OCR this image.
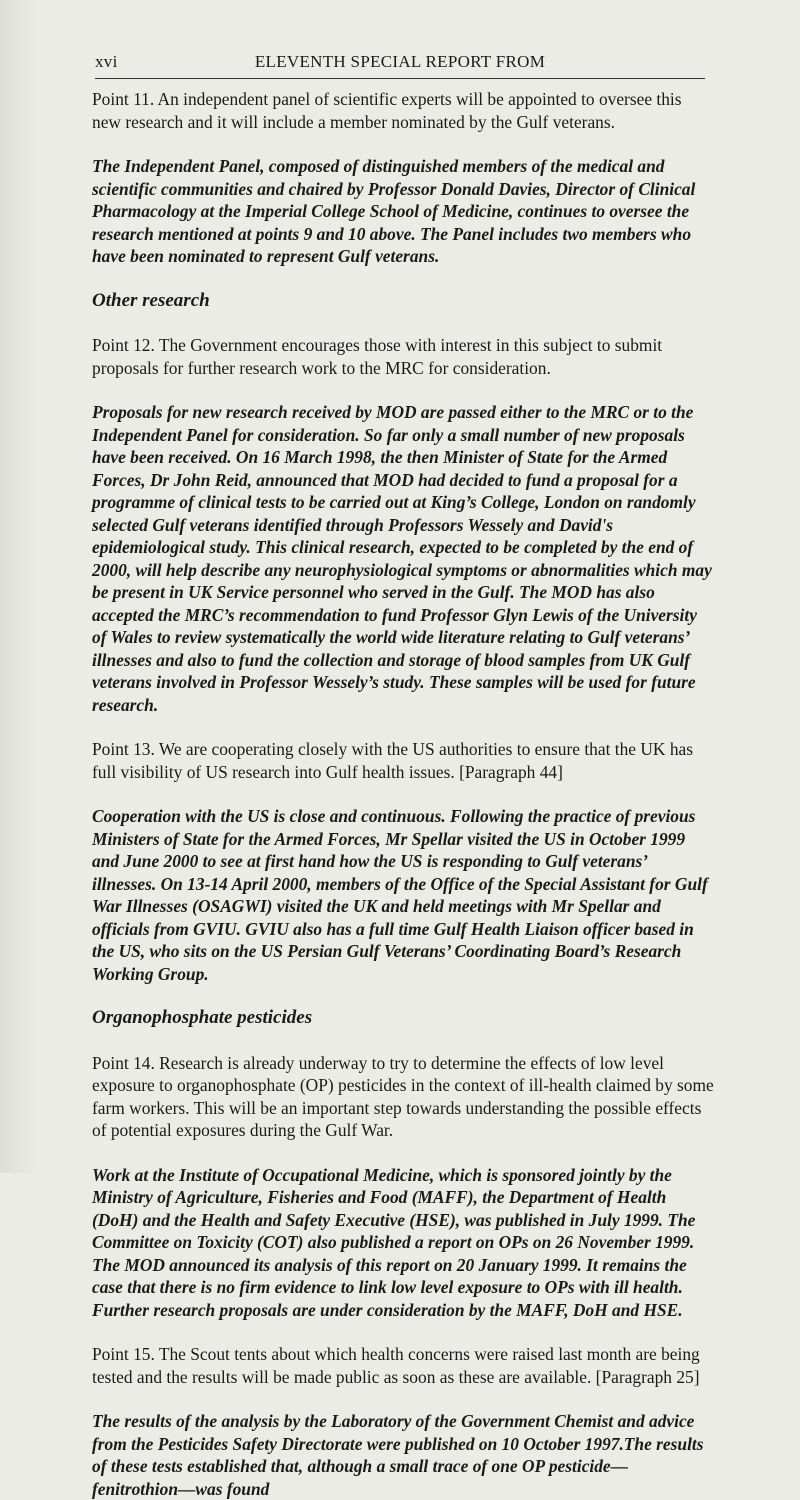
xvi	ELEVENTH SPECIAL REPORT FROM

Point 11. An independent panel of scientific experts will be appointed to oversee this new research and it will include a member nominated by the Gulf veterans.

The Independent Panel, composed of distinguished members of the medical and scientific communities and chaired by Professor Donald Davies, Director of Clinical Pharmacology at the Imperial College School of Medicine, continues to oversee the research mentioned at points 9 and 10 above. The Panel includes two members who have been nominated to represent Gulf veterans.

Other research

Point 12. The Government encourages those with interest in this subject to submit proposals for further research work to the MRC for consideration.

Proposals for new research received by MOD are passed either to the MRC or to the Independent Panel for consideration. So far only a small number of new proposals have been received. On 16 March 1998, the then Minister of State for the Armed Forces, Dr John Reid, announced that MOD had decided to fund a proposal for a programme of clinical tests to be carried out at King’s College, London on randomly selected Gulf veterans identified through Professors Wessely and David's epidemiological study. This clinical research, expected to be completed by the end of 2000, will help describe any neurophysiological symptoms or abnormalities which may be present in UK Service personnel who served in the Gulf. The MOD has also accepted the MRC’s recommendation to fund Professor Glyn Lewis of the University of Wales to review systematically the world wide literature relating to Gulf veterans’ illnesses and also to fund the collection and storage of blood samples from UK Gulf veterans involved in Professor Wessely’s study. These samples will be used for future research.

Point 13. We are cooperating closely with the US authorities to ensure that the UK has full visibility of US research into Gulf health issues. [Paragraph 44]

Cooperation with the US is close and continuous. Following the practice of previous Ministers of State for the Armed Forces, Mr Spellar visited the US in October 1999 and June 2000 to see at first hand how the US is responding to Gulf veterans’ illnesses. On 13-14 April 2000, members of the Office of the Special Assistant for Gulf War Illnesses (OSAGWI) visited the UK and held meetings with Mr Spellar and officials from GVIU. GVIU also has a full time Gulf Health Liaison officer based in the US, who sits on the US Persian Gulf Veterans’ Coordinating Board’s Research Working Group.

Organophosphate pesticides

Point 14. Research is already underway to try to determine the effects of low level exposure to organophosphate (OP) pesticides in the context of ill-health claimed by some farm workers. This will be an important step towards understanding the possible effects of potential exposures during the Gulf War.

Work at the Institute of Occupational Medicine, which is sponsored jointly by the Ministry of Agriculture, Fisheries and Food (MAFF), the Department of Health (DoH) and the Health and Safety Executive (HSE), was published in July 1999. The Committee on Toxicity (COT) also published a report on OPs on 26 November 1999. The MOD announced its analysis of this report on 20 January 1999. It remains the case that there is no firm evidence to link low level exposure to OPs with ill health. Further research proposals are under consideration by the MAFF, DoH and HSE.

Point 15. The Scout tents about which health concerns were raised last month are being tested and the results will be made public as soon as these are available. [Paragraph 25]

The results of the analysis by the Laboratory of the Government Chemist and advice from the Pesticides Safety Directorate were published on 10 October 1997.The results of these tests established that, although a small trace of one OP pesticide—fenitrothion—was found
